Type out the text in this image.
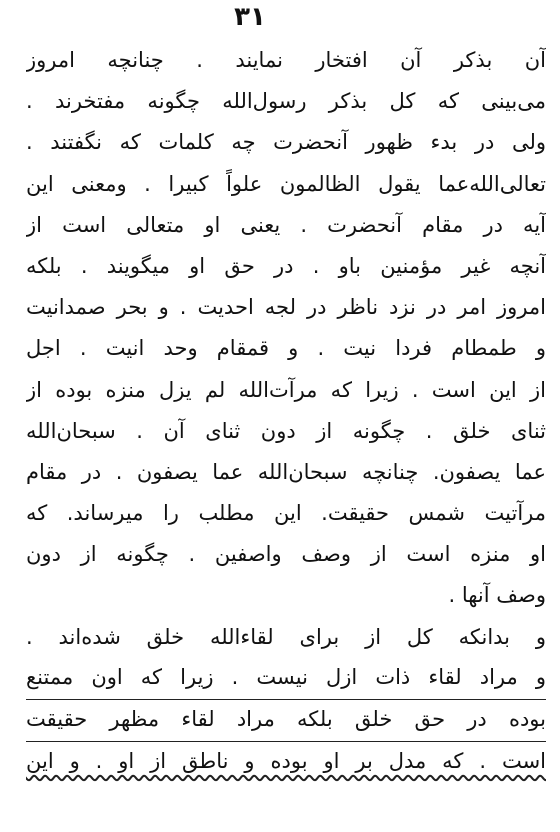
۳۱
آن بذکر آن افتخار نمایند . چنانچه امروز
می‌بینی که کل بذکر رسول‌الله چگونه مفتخرند .
ولی در بدء ظهور آنحضرت چه کلمات که نگفتند .
تعالی‌الله‌عما یقول الظالمون علواً کبیرا . ومعنی این
آیه در مقام آنحضرت . یعنی او متعالی است از
آنچه غیر مؤمنین باو . در حق او میگویند . بلکه
امروز امر در نزد ناظر در لجه احدیت . و بحر صمدانیت
و طمطام فردا نیت . و قمقام وحد انیت . اجل
از این است . زیرا که مرآت‌الله لم یزل منزه بوده از
ثنای خلق . چگونه از دون ثنای آن . سبحان‌الله
عما یصفون. چنانچه سبحان‌الله عما یصفون . در مقام
مرآتیت شمس حقیقت. این مطلب را میرساند. که
او منزه است از وصف واصفین . چگونه از دون
وصف آنها .
و بدانکه کل از برای لقاءالله خلق شده‌اند .
و مراد لقاء ذات ازل نیست . زیرا که اون ممتنع
بوده در حق خلق بلکه مراد لقاء مظهر حقیقت
است . که مدل بر او بوده و ناطق از او . و این
